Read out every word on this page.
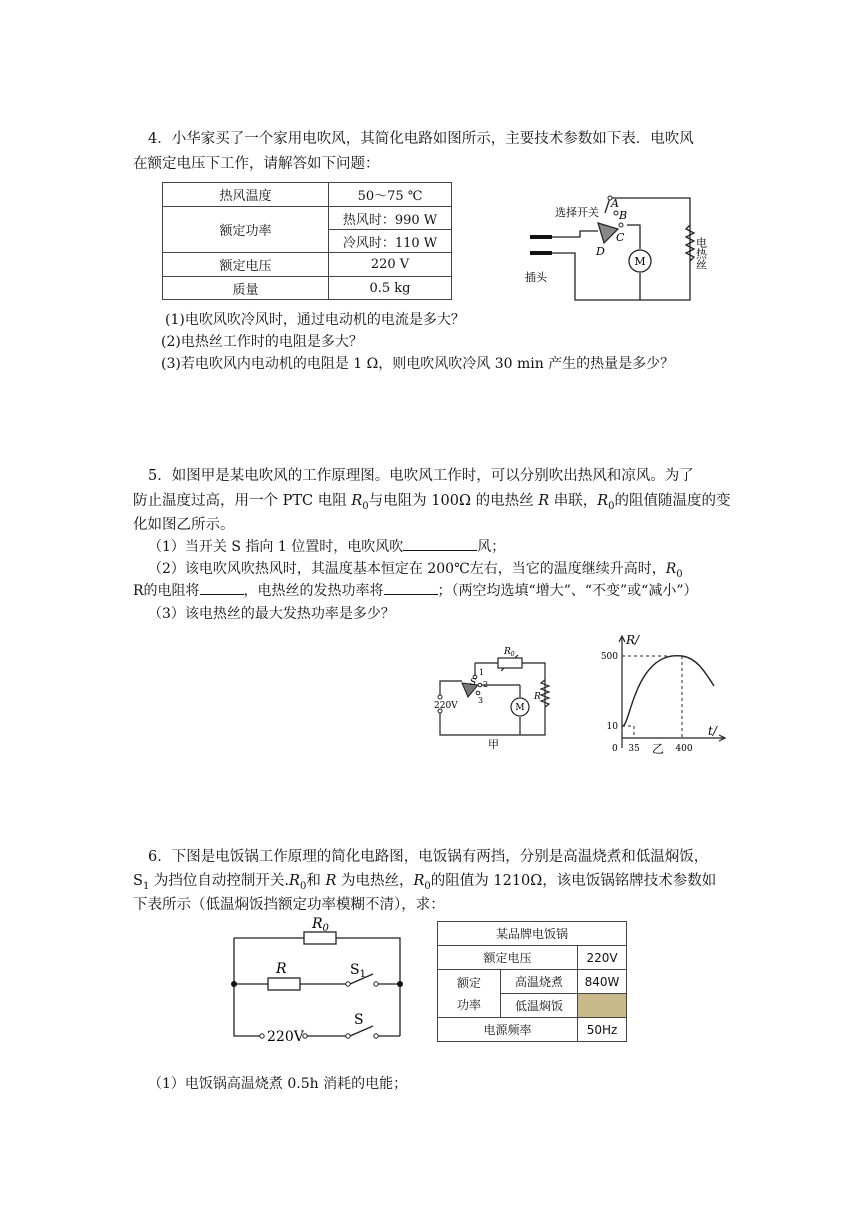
4．小华家买了一个家用电吹风，其简化电路如图所示，主要技术参数如下表．电吹风
在额定电压下工作，请解答如下问题：
热风温度	50～75 ℃
额定功率	热风时：990 W
	冷风时：110 W
额定电压	220 V
质量	0.5 kg
M
选择开关
A
B
C
D
插头
电热丝
(1)电吹风吹冷风时，通过电动机的电流是多大？
(2)电热丝工作时的电阻是多大？
(3)若电吹风内电动机的电阻是 1 Ω，则电吹风吹冷风 30 min 产生的热量是多少？
5．如图甲是某电吹风的工作原理图。电吹风工作时，可以分别吹出热风和凉风。为了
防止温度过高，用一个 PTC 电阻 $R_0$与电阻为 100Ω 的电热丝 R 串联，$R_0$的阻值随温度的变
化如图乙所示。
（1）当开关 S 指向 1 位置时，电吹风吹	风；
（2）该电吹风吹热风时，其温度基本恒定在 200℃左右，当它的温度继续升高时，$R_0$
R的电阻将	，电热丝的发热功率将	；（两空均选填“增大”、“不变”或“减小”）
（3）该电热丝的最大发热功率是多少？
M
$R_0$
S
1
2
3
220V
R
甲
R/
t/
500
10
0 35	400
乙
6．下图是电饭锅工作原理的简化电路图，电饭锅有两挡，分别是高温烧煮和低温焖饭，
$S_1$ 为挡位自动控制开关$.R_0$和 R 为电热丝，$R_0$的阻值为 1210Ω，该电饭锅铭牌技术参数如
下表所示（低温焖饭挡额定功率模糊不清），求：
$R_0$
R	$S_1$
S
220V
某品牌电饭锅		
额定电压		220V
额定
功率	高温烧煮	840W
	低温焖饭	
电源频率		50Hz
（1）电饭锅高温烧煮 0.5h 消耗的电能；
